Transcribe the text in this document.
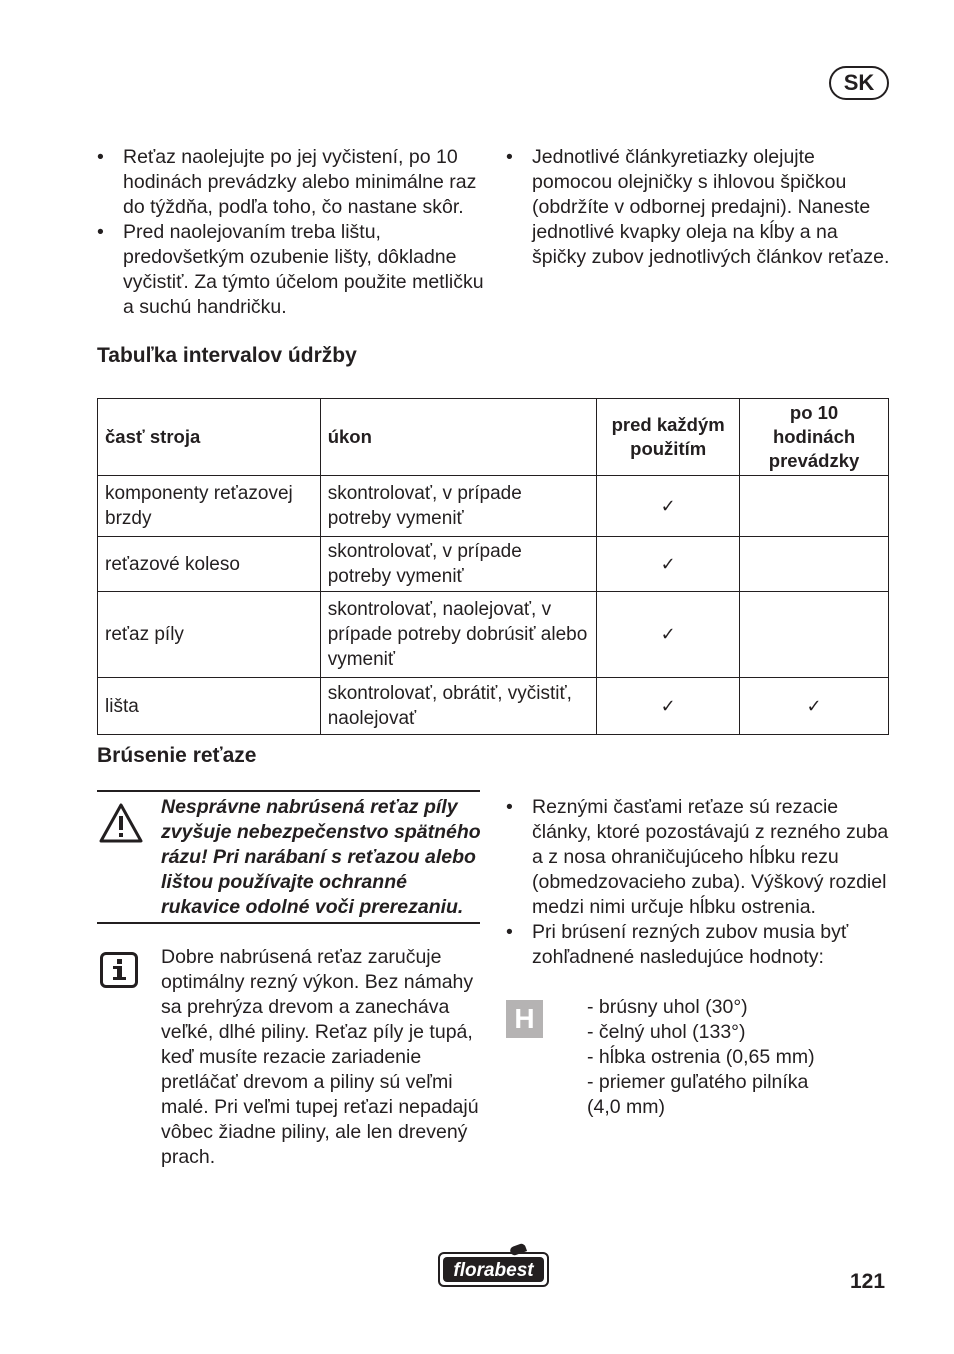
SK
• Reťaz naolejujte po jej vyčistení, po 10 hodinách prevádzky alebo minimálne raz do týždňa, podľa toho, čo nastane skôr.
• Pred naolejovaním treba lištu, predovšetkým ozubenie lišty, dôkladne vyčistiť. Za týmto účelom použite metličku a suchú handričku.
• Jednotlivé článkyretiazky olejujte pomocou olejničky s ihlovou špičkou (obdržíte v odbornej predajni). Naneste jednotlivé kvapky oleja na kĺby a na špičky zubov jednotlivých článkov reťaze.
Tabuľka intervalov údržby
časť stroja	úkon	pred každým použitím	po 10 hodinách prevádzky
komponenty reťazovej brzdy	skontrolovať, v prípade potreby vymeniť	✓	
reťazové koleso	skontrolovať, v prípade potreby vymeniť	✓	
reťaz píly	skontrolovať, naolejovať, v prípade potreby dobrúsiť alebo vymeniť	✓	
lišta	skontrolovať, obrátiť, vyčistiť, naolejovať	✓	✓
Brúsenie reťaze
Nesprávne nabrúsená reťaz píly zvyšuje nebezpečenstvo spätného rázu! Pri narábaní s reťazou alebo lištou používajte ochranné rukavice odolné voči prerezaniu.
Dobre nabrúsená reťaz zaručuje optimálny rezný výkon. Bez námahy sa prehrýza drevom a zanecháva veľké, dlhé piliny. Reťaz píly je tupá, keď musíte rezacie zariadenie pretláčať drevom a piliny sú veľmi malé. Pri veľmi tupej reťazi nepadajú vôbec žiadne piliny, ale len drevený prach.
• Reznými časťami reťaze sú rezacie články, ktoré pozostávajú z rezného zuba a z nosa ohraničujúceho hĺbku rezu (obmedzovacieho zuba). Výškový rozdiel medzi nimi určuje hĺbku ostrenia.
• Pri brúsení rezných zubov musia byť zohľadnené nasledujúce hodnoty:
H	- brúsny uhol (30°)
- čelný uhol (133°)
- hĺbka ostrenia (0,65 mm)
- priemer guľatého pilníka
(4,0 mm)
florabest	121
